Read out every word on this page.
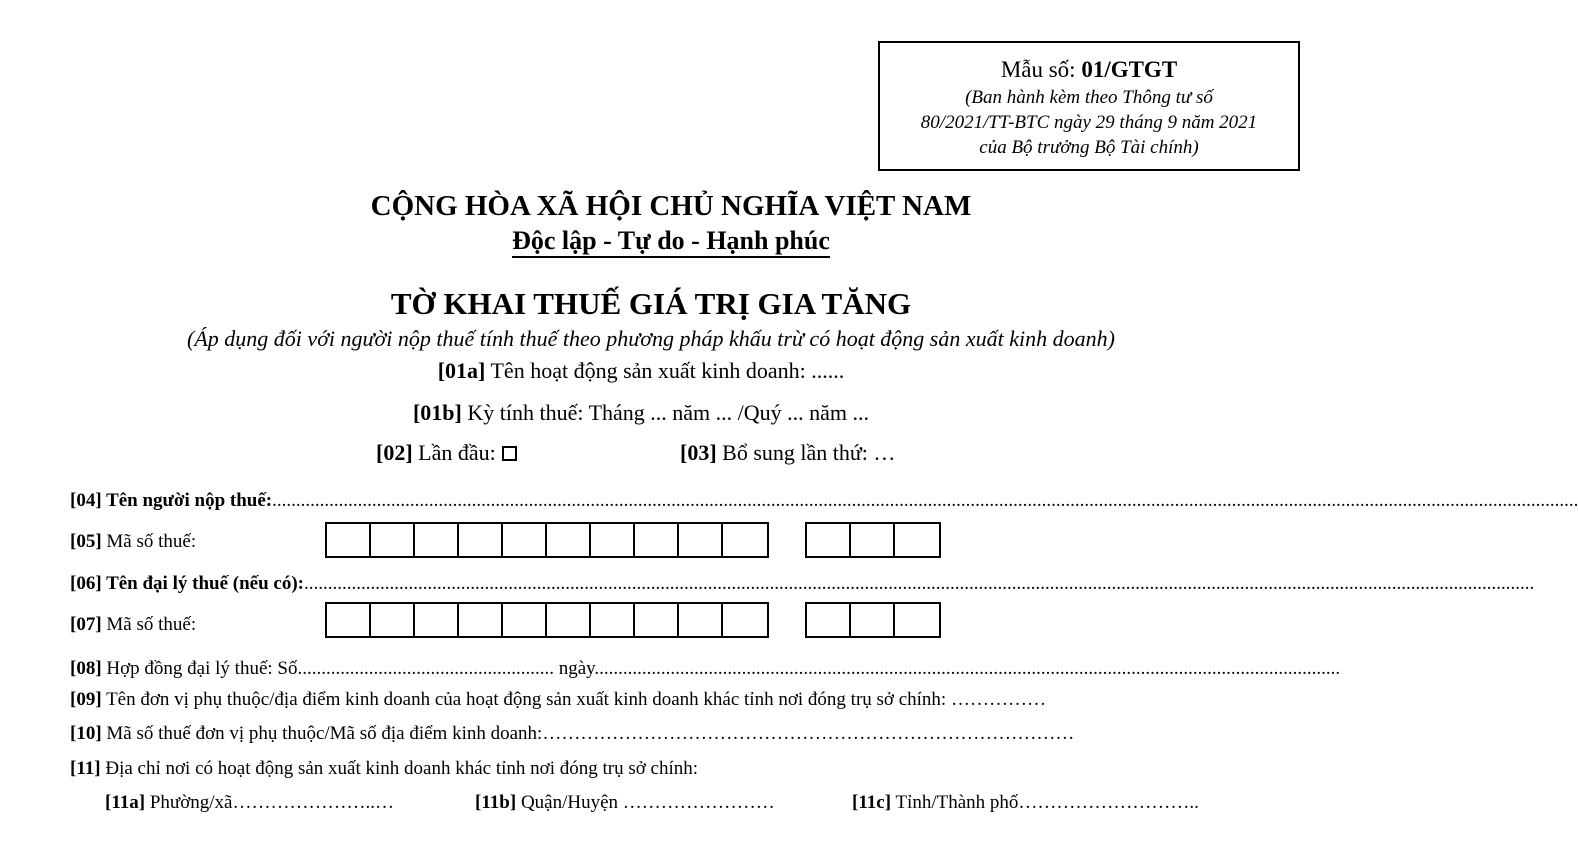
Mẫu số: 01/GTGT
(Ban hành kèm theo Thông tư số
80/2021/TT-BTC ngày 29 tháng 9 năm 2021
của Bộ trưởng Bộ Tài chính)
CỘNG HÒA XÃ HỘI CHỦ NGHĨA VIỆT NAM
Độc lập - Tự do - Hạnh phúc
TỜ KHAI THUẾ GIÁ TRỊ GIA TĂNG
(Áp dụng đối với người nộp thuế tính thuế theo phương pháp khấu trừ có hoạt động sản xuất kinh doanh)
[01a] Tên hoạt động sản xuất kinh doanh: ......
[01b] Kỳ tính thuế: Tháng ... năm ... /Quý ... năm ...
[02] Lần đầu:	[03] Bổ sung lần thứ: …
[04] Tên người nộp thuế:...................................................................................................................................................................................................................................................................................
[05] Mã số thuế:
[06] Tên đại lý thuế (nếu có):...................................................................................................................................................................................................................................................................
[07] Mã số thuế:
[08] Hợp đồng đại lý thuế: Số...................................................... ngày.............................................................................................................................................................
[09] Tên đơn vị phụ thuộc/địa điểm kinh doanh của hoạt động sản xuất kinh doanh khác tỉnh nơi đóng trụ sở chính: ……………
[10] Mã số thuế đơn vị phụ thuộc/Mã số địa điểm kinh doanh:…………………………………………………………………………
[11] Địa chỉ nơi có hoạt động sản xuất kinh doanh khác tỉnh nơi đóng trụ sở chính:
[11a] Phường/xã…………………..…	[11b] Quận/Huyện ……………………	[11c] Tỉnh/Thành phố………………………..
